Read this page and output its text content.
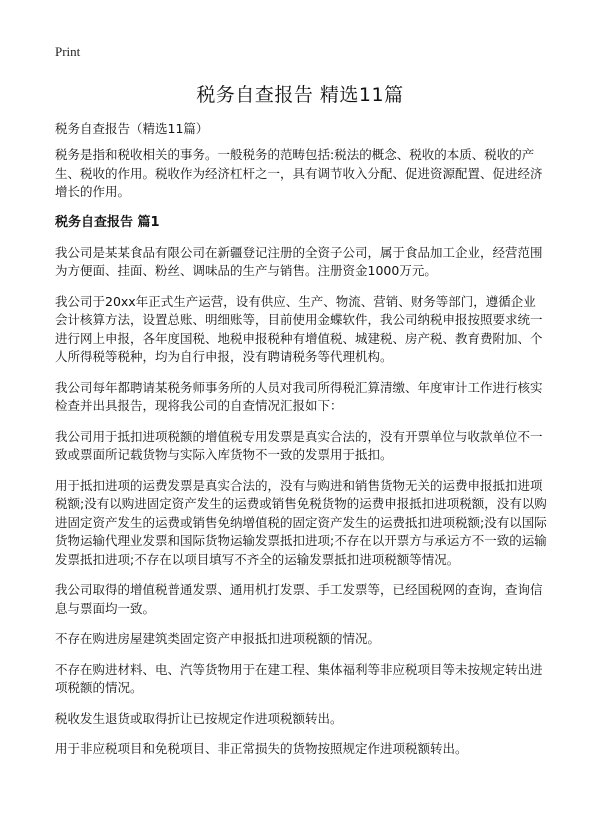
Print
税务自查报告 精选11篇
税务自查报告（精选11篇）

税务是指和税收相关的事务。一般税务的范畴包括:税法的概念、税收的本质、税收的产生、税收的作用。税收作为经济杠杆之一，具有调节收入分配、促进资源配置、促进经济增长的作用。

税务自查报告 篇1

我公司是某某食品有限公司在新疆登记注册的全资子公司，属于食品加工企业，经营范围为方便面、挂面、粉丝、调味品的生产与销售。注册资金1000万元。

我公司于20xx年正式生产运营，设有供应、生产、物流、营销、财务等部门，遵循企业会计核算方法，设置总账、明细账等，目前使用金蝶软件，我公司纳税申报按照要求统一进行网上申报，各年度国税、地税申报税种有增值税、城建税、房产税、教育费附加、个人所得税等税种，均为自行申报，没有聘请税务等代理机构。

我公司每年都聘请某税务师事务所的人员对我司所得税汇算清缴、年度审计工作进行核实检查并出具报告，现将我公司的自查情况汇报如下：

我公司用于抵扣进项税额的增值税专用发票是真实合法的，没有开票单位与收款单位不一致或票面所记载货物与实际入库货物不一致的发票用于抵扣。

用于抵扣进项的运费发票是真实合法的，没有与购进和销售货物无关的运费申报抵扣进项税额;没有以购进固定资产发生的运费或销售免税货物的运费申报抵扣进项税额，没有以购进固定资产发生的运费或销售免纳增值税的固定资产发生的运费抵扣进项税额;没有以国际货物运输代理业发票和国际货物运输发票抵扣进项;不存在以开票方与承运方不一致的运输发票抵扣进项;不存在以项目填写不齐全的运输发票抵扣进项税额等情况。

我公司取得的增值税普通发票、通用机打发票、手工发票等，已经国税网的查询，查询信息与票面均一致。

不存在购进房屋建筑类固定资产申报抵扣进项税额的情况。

不存在购进材料、电、汽等货物用于在建工程、集体福利等非应税项目等未按规定转出进项税额的情况。

税收发生退货或取得折让已按规定作进项税额转出。

用于非应税项目和免税项目、非正常损失的货物按照规定作进项税额转出。
